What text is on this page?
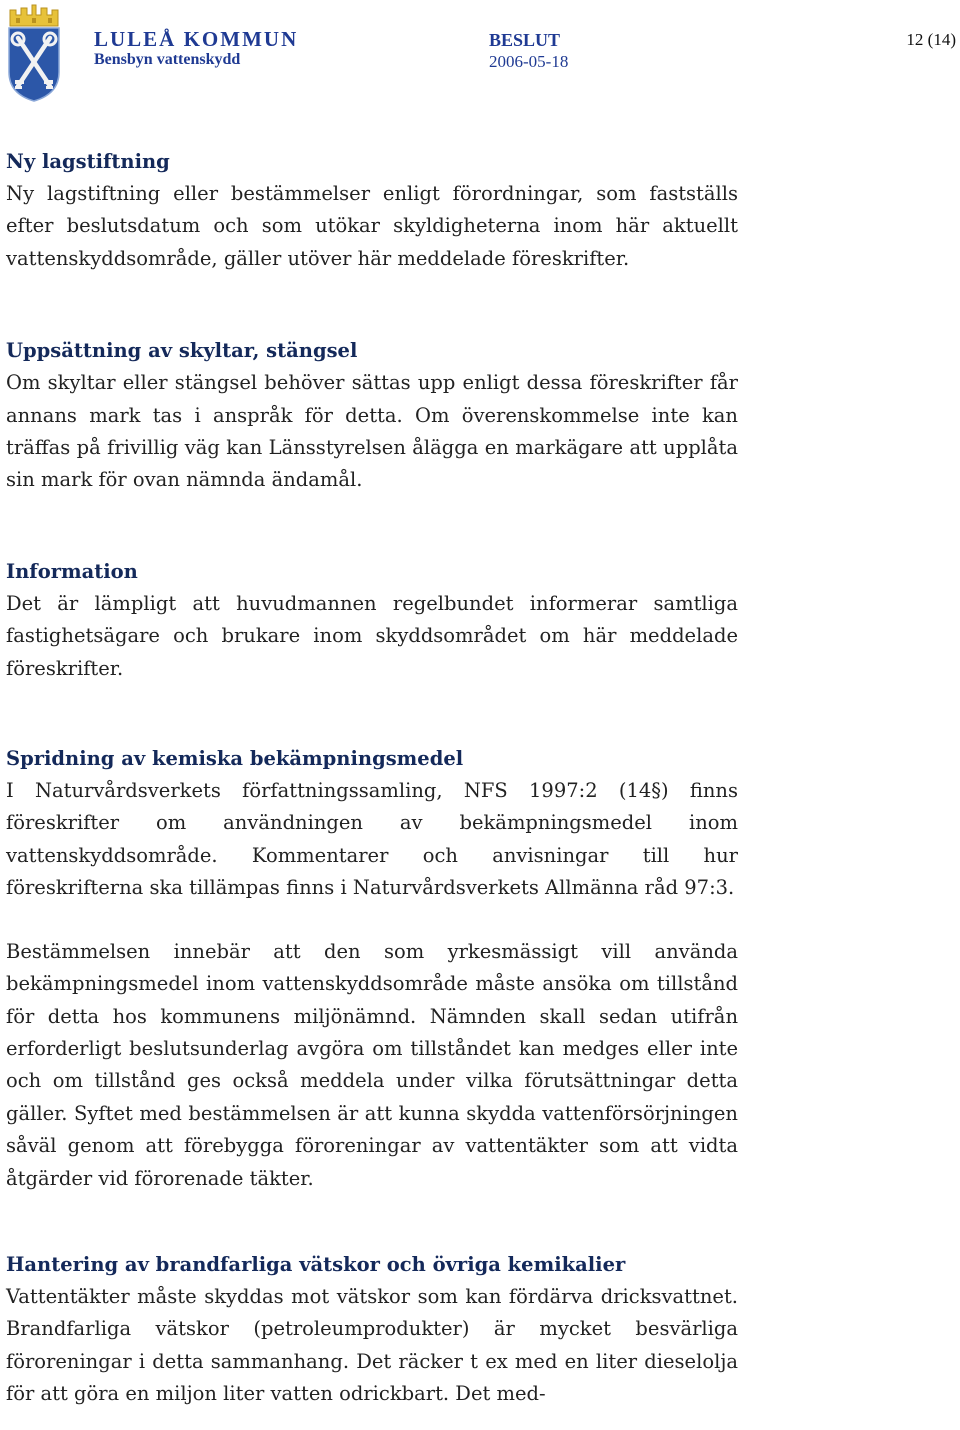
LULEÅ KOMMUN
Bensbyn vattenskydd
BESLUT
2006-05-18
12 (14)
Ny lagstiftning

Ny lagstiftning eller bestämmelser enligt förordningar, som fastställs efter beslutsdatum och som utökar skyldigheterna inom här aktuellt vattenskyddsområde, gäller utöver här meddelade föreskrifter.

Uppsättning av skyltar, stängsel

Om skyltar eller stängsel behöver sättas upp enligt dessa föreskrifter får annans mark tas i anspråk för detta. Om överenskommelse inte kan träffas på frivillig väg kan Länsstyrelsen ålägga en markägare att upplåta sin mark för ovan nämnda ändamål.

Information

Det är lämpligt att huvudmannen regelbundet informerar samtliga fastighetsägare och brukare inom skyddsområdet om här meddelade föreskrifter.

Spridning av kemiska bekämpningsmedel

I Naturvårdsverkets författningssamling, NFS 1997:2 (14§) finns föreskrifter om användningen av bekämpningsmedel inom vattenskyddsområde. Kommentarer och anvisningar till hur föreskrifterna ska tillämpas finns i Naturvårdsverkets Allmänna råd 97:3.

Bestämmelsen innebär att den som yrkesmässigt vill använda bekämpningsmedel inom vattenskyddsområde måste ansöka om tillstånd för detta hos kommunens miljönämnd. Nämnden skall sedan utifrån erforderligt beslutsunderlag avgöra om tillståndet kan medges eller inte och om tillstånd ges också meddela under vilka förutsättningar detta gäller. Syftet med bestämmelsen är att kunna skydda vattenförsörjningen såväl genom att förebygga föroreningar av vattentäkter som att vidta åtgärder vid förorenade täkter.

Hantering av brandfarliga vätskor och övriga kemikalier

Vattentäkter måste skyddas mot vätskor som kan fördärva dricksvattnet. Brandfarliga vätskor (petroleumprodukter) är mycket besvärliga föroreningar i detta sammanhang. Det räcker t ex med en liter dieselolja för att göra en miljon liter vatten odrickbart. Det med-
